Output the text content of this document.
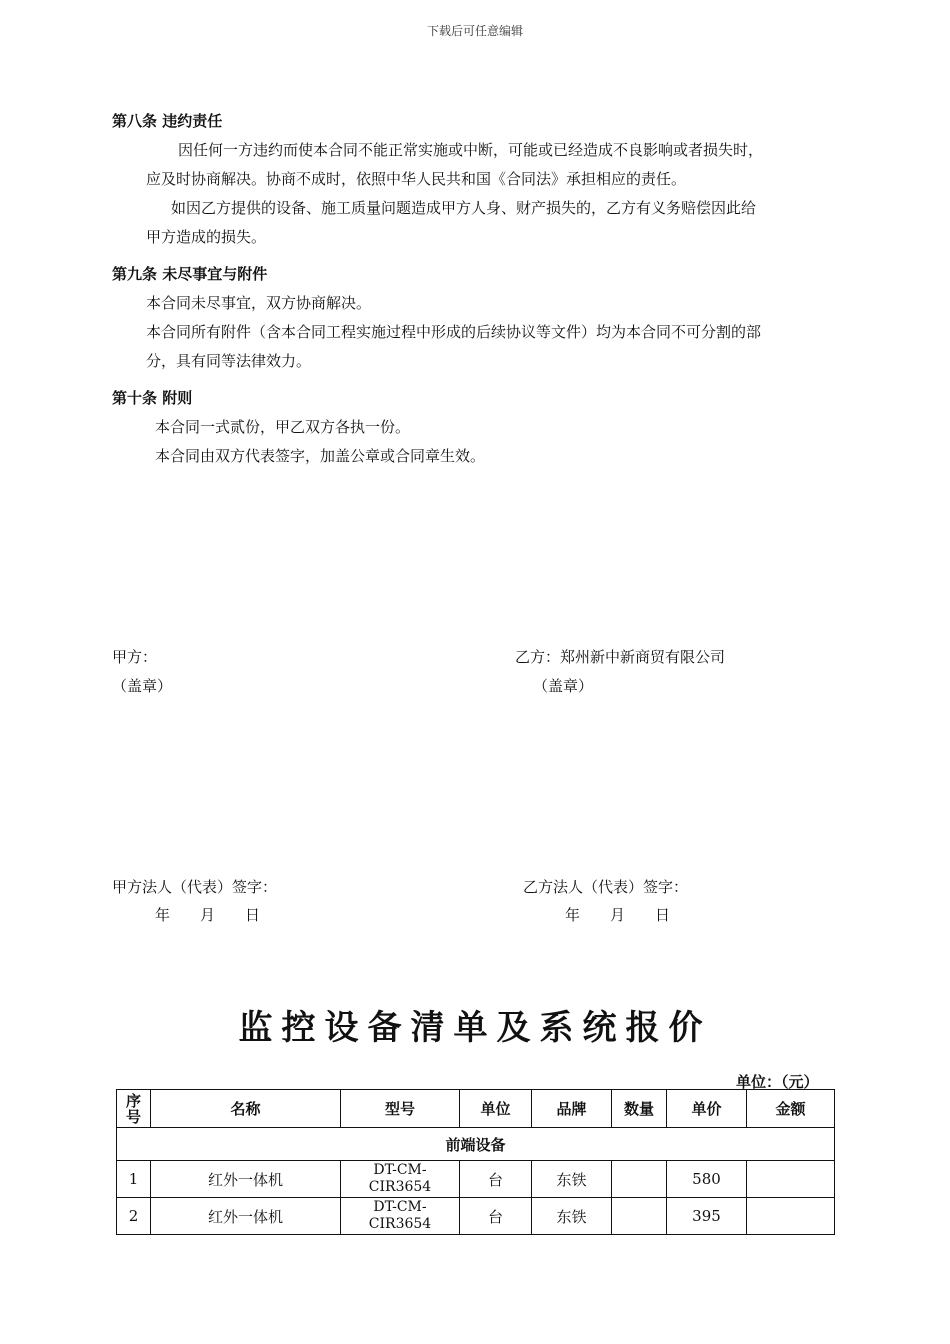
下载后可任意编辑
第八条 违约责任
因任何一方违约而使本合同不能正常实施或中断，可能或已经造成不良影响或者损失时，
应及时协商解决。协商不成时，依照中华人民共和国《合同法》承担相应的责任。
如因乙方提供的设备、施工质量问题造成甲方人身、财产损失的，乙方有义务赔偿因此给
甲方造成的损失。
第九条 未尽事宜与附件
本合同未尽事宜，双方协商解决。
本合同所有附件（含本合同工程实施过程中形成的后续协议等文件）均为本合同不可分割的部
分，具有同等法律效力。
第十条 附则
本合同一式贰份，甲乙双方各执一份。
本合同由双方代表签字，加盖公章或合同章生效。
甲方：	乙方：郑州新中新商贸有限公司
（盖章）	（盖章）
甲方法人（代表）签字：	乙方法人（代表）签字：
年　　月　　日	年　　月　　日
监控设备清单及系统报价
单位：（元）
序
号	名称	型号	单位	品牌	数量	单价	金额
前端设备							
1	红外一体机	DT-CM-
CIR3654	台	东铁		580	
2	红外一体机	DT-CM-
CIR3654	台	东铁		395	
